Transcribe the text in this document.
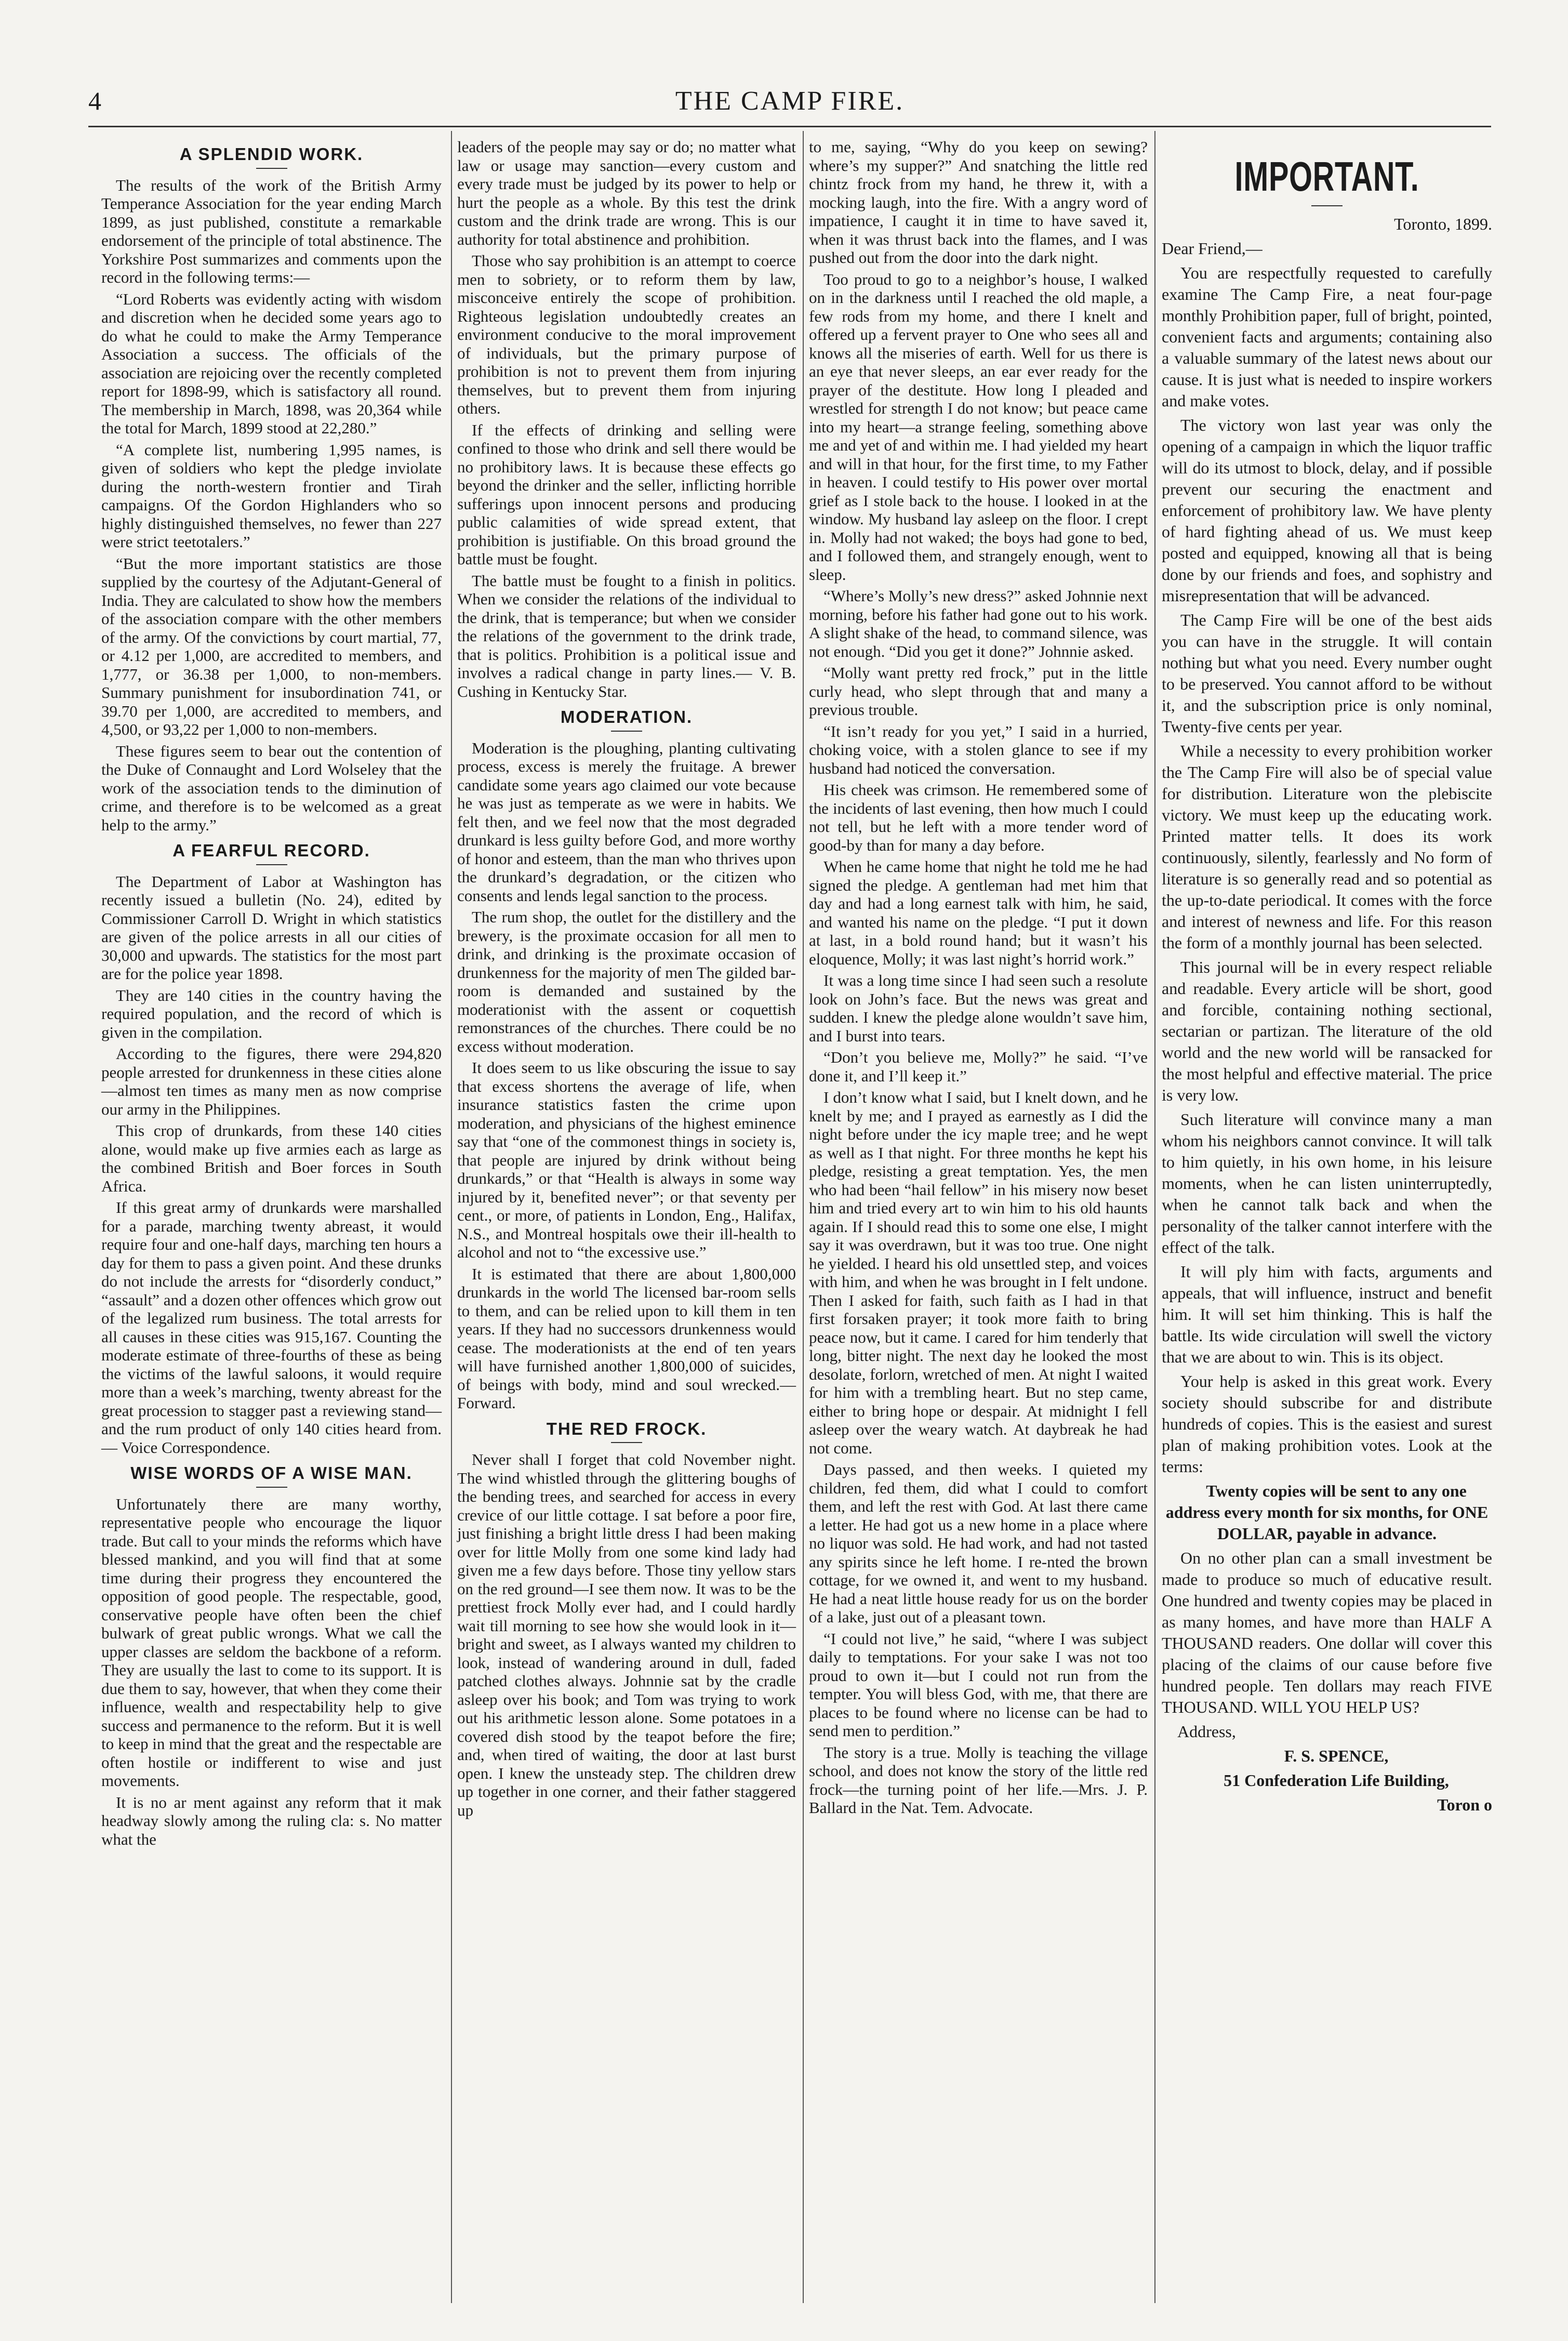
4	THE CAMP FIRE.
A SPLENDID WORK.

The results of the work of the British Army Temperance Association for the year ending March 1899, as just published, constitute a remarkable endorsement of the principle of total abstinence. The Yorkshire Post summarizes and comments upon the record in the following terms:—

“Lord Roberts was evidently acting with wisdom and discretion when he decided some years ago to do what he could to make the Army Temperance Association a success. The officials of the association are rejoicing over the recently completed report for 1898-99, which is satisfactory all round. The membership in March, 1898, was 20,364 while the total for March, 1899 stood at 22,280.”

“A complete list, numbering 1,995 names, is given of soldiers who kept the pledge inviolate during the north-western frontier and Tirah campaigns. Of the Gordon Highlanders who so highly distinguished themselves, no fewer than 227 were strict teetotalers.”

“But the more important statistics are those supplied by the courtesy of the Adjutant-General of India. They are calculated to show how the members of the association compare with the other members of the army. Of the convictions by court martial, 77, or 4.12 per 1,000, are accredited to members, and 1,777, or 36.38 per 1,000, to non-members. Summary punishment for insubordination 741, or 39.70 per 1,000, are accredited to members, and 4,500, or 93,22 per 1,000 to non-members.

These figures seem to bear out the contention of the Duke of Connaught and Lord Wolseley that the work of the association tends to the diminution of crime, and therefore is to be welcomed as a great help to the army.”

A FEARFUL RECORD.

The Department of Labor at Washington has recently issued a bulletin (No. 24), edited by Commissioner Carroll D. Wright in which statistics are given of the police arrests in all our cities of 30,000 and upwards. The statistics for the most part are for the police year 1898.

They are 140 cities in the country having the required population, and the record of which is given in the compilation.

According to the figures, there were 294,820 people arrested for drunkenness in these cities alone—almost ten times as many men as now comprise our army in the Philippines.

This crop of drunkards, from these 140 cities alone, would make up five armies each as large as the combined British and Boer forces in South Africa.

If this great army of drunkards were marshalled for a parade, marching twenty abreast, it would require four and one-half days, marching ten hours a day for them to pass a given point. And these drunks do not include the arrests for “disorderly conduct,” “assault” and a dozen other offences which grow out of the legalized rum business. The total arrests for all causes in these cities was 915,167. Counting the moderate estimate of three-fourths of these as being the victims of the lawful saloons, it would require more than a week’s marching, twenty abreast for the great procession to stagger past a reviewing stand—and the rum product of only 140 cities heard from.— Voice Correspondence.

WISE WORDS OF A WISE MAN.

Unfortunately there are many worthy, representative people who encourage the liquor trade. But call to your minds the reforms which have blessed mankind, and you will find that at some time during their progress they encountered the opposition of good people. The respectable, good, conservative people have often been the chief bulwark of great public wrongs. What we call the upper classes are seldom the backbone of a reform. They are usually the last to come to its support. It is due them to say, however, that when they come their influence, wealth and respectability help to give success and permanence to the reform. But it is well to keep in mind that the great and the respectable are often hostile or indifferent to wise and just movements.

It is no ar ment against any reform that it mak headway slowly among the ruling cla: s. No matter what the

leaders of the people may say or do; no matter what law or usage may sanction—every custom and every trade must be judged by its power to help or hurt the people as a whole. By this test the drink custom and the drink trade are wrong. This is our authority for total abstinence and prohibition.

Those who say prohibition is an attempt to coerce men to sobriety, or to reform them by law, misconceive entirely the scope of prohibition. Righteous legislation undoubtedly creates an environment conducive to the moral improvement of individuals, but the primary purpose of prohibition is not to prevent them from injuring themselves, but to prevent them from injuring others.

If the effects of drinking and selling were confined to those who drink and sell there would be no prohibitory laws. It is because these effects go beyond the drinker and the seller, inflicting horrible sufferings upon innocent persons and producing public calamities of wide spread extent, that prohibition is justifiable. On this broad ground the battle must be fought.

The battle must be fought to a finish in politics. When we consider the relations of the individual to the drink, that is temperance; but when we consider the relations of the government to the drink trade, that is politics. Prohibition is a political issue and involves a radical change in party lines.— V. B. Cushing in Kentucky Star.

MODERATION.

Moderation is the ploughing, planting cultivating process, excess is merely the fruitage. A brewer candidate some years ago claimed our vote because he was just as temperate as we were in habits. We felt then, and we feel now that the most degraded drunkard is less guilty before God, and more worthy of honor and esteem, than the man who thrives upon the drunkard’s degradation, or the citizen who consents and lends legal sanction to the process.

The rum shop, the outlet for the distillery and the brewery, is the proximate occasion for all men to drink, and drinking is the proximate occasion of drunkenness for the majority of men The gilded bar-room is demanded and sustained by the moderationist with the assent or coquettish remonstrances of the churches. There could be no excess without moderation.

It does seem to us like obscuring the issue to say that excess shortens the average of life, when insurance statistics fasten the crime upon moderation, and physicians of the highest eminence say that “one of the commonest things in society is, that people are injured by drink without being drunkards,” or that “Health is always in some way injured by it, benefited never”; or that seventy per cent., or more, of patients in London, Eng., Halifax, N.S., and Montreal hospitals owe their ill-health to alcohol and not to “the excessive use.”

It is estimated that there are about 1,800,000 drunkards in the world The licensed bar-room sells to them, and can be relied upon to kill them in ten years. If they had no successors drunkenness would cease. The moderationists at the end of ten years will have furnished another 1,800,000 of suicides, of beings with body, mind and soul wrecked.—Forward.

THE RED FROCK.

Never shall I forget that cold November night. The wind whistled through the glittering boughs of the bending trees, and searched for access in every crevice of our little cottage. I sat before a poor fire, just finishing a bright little dress I had been making over for little Molly from one some kind lady had given me a few days before. Those tiny yellow stars on the red ground—I see them now. It was to be the prettiest frock Molly ever had, and I could hardly wait till morning to see how she would look in it—bright and sweet, as I always wanted my children to look, instead of wandering around in dull, faded patched clothes always. Johnnie sat by the cradle asleep over his book; and Tom was trying to work out his arithmetic lesson alone. Some potatoes in a covered dish stood by the teapot before the fire; and, when tired of waiting, the door at last burst open. I knew the unsteady step. The children drew up together in one corner, and their father staggered up

to me, saying, “Why do you keep on sewing? where’s my supper?” And snatching the little red chintz frock from my hand, he threw it, with a mocking laugh, into the fire. With a angry word of impatience, I caught it in time to have saved it, when it was thrust back into the flames, and I was pushed out from the door into the dark night.

Too proud to go to a neighbor’s house, I walked on in the darkness until I reached the old maple, a few rods from my home, and there I knelt and offered up a fervent prayer to One who sees all and knows all the miseries of earth. Well for us there is an eye that never sleeps, an ear ever ready for the prayer of the destitute. How long I pleaded and wrestled for strength I do not know; but peace came into my heart—a strange feeling, something above me and yet of and within me. I had yielded my heart and will in that hour, for the first time, to my Father in heaven. I could testify to His power over mortal grief as I stole back to the house. I looked in at the window. My husband lay asleep on the floor. I crept in. Molly had not waked; the boys had gone to bed, and I followed them, and strangely enough, went to sleep.

“Where’s Molly’s new dress?” asked Johnnie next morning, before his father had gone out to his work. A slight shake of the head, to command silence, was not enough. “Did you get it done?” Johnnie asked.

“Molly want pretty red frock,” put in the little curly head, who slept through that and many a previous trouble.

“It isn’t ready for you yet,” I said in a hurried, choking voice, with a stolen glance to see if my husband had noticed the conversation.

His cheek was crimson. He remembered some of the incidents of last evening, then how much I could not tell, but he left with a more tender word of good-by than for many a day before.

When he came home that night he told me he had signed the pledge. A gentleman had met him that day and had a long earnest talk with him, he said, and wanted his name on the pledge. “I put it down at last, in a bold round hand; but it wasn’t his eloquence, Molly; it was last night’s horrid work.”

It was a long time since I had seen such a resolute look on John’s face. But the news was great and sudden. I knew the pledge alone wouldn’t save him, and I burst into tears.

“Don’t you believe me, Molly?” he said. “I’ve done it, and I’ll keep it.”

I don’t know what I said, but I knelt down, and he knelt by me; and I prayed as earnestly as I did the night before under the icy maple tree; and he wept as well as I that night. For three months he kept his pledge, resisting a great temptation. Yes, the men who had been “hail fellow” in his misery now beset him and tried every art to win him to his old haunts again. If I should read this to some one else, I might say it was overdrawn, but it was too true. One night he yielded. I heard his old unsettled step, and voices with him, and when he was brought in I felt undone. Then I asked for faith, such faith as I had in that first forsaken prayer; it took more faith to bring peace now, but it came. I cared for him tenderly that long, bitter night. The next day he looked the most desolate, forlorn, wretched of men. At night I waited for him with a trembling heart. But no step came, either to bring hope or despair. At midnight I fell asleep over the weary watch. At daybreak he had not come.

Days passed, and then weeks. I quieted my children, fed them, did what I could to comfort them, and left the rest with God. At last there came a letter. He had got us a new home in a place where no liquor was sold. He had work, and had not tasted any spirits since he left home. I re-nted the brown cottage, for we owned it, and went to my husband. He had a neat little house ready for us on the border of a lake, just out of a pleasant town.

“I could not live,” he said, “where I was subject daily to temptations. For your sake I was not too proud to own it—but I could not run from the tempter. You will bless God, with me, that there are places to be found where no license can be had to send men to perdition.”

The story is a true. Molly is teaching the village school, and does not know the story of the little red frock—the turning point of her life.—Mrs. J. P. Ballard in the Nat. Tem. Advocate.

IMPORTANT.

Toronto, 1899.

Dear Friend,—

You are respectfully requested to carefully examine The Camp Fire, a neat four-page monthly Prohibition paper, full of bright, pointed, convenient facts and arguments; containing also a valuable summary of the latest news about our cause. It is just what is needed to inspire workers and make votes.

The victory won last year was only the opening of a campaign in which the liquor traffic will do its utmost to block, delay, and if possible prevent our securing the enactment and enforcement of prohibitory law. We have plenty of hard fighting ahead of us. We must keep posted and equipped, knowing all that is being done by our friends and foes, and sophistry and misrepresentation that will be advanced.

The Camp Fire will be one of the best aids you can have in the struggle. It will contain nothing but what you need. Every number ought to be preserved. You cannot afford to be without it, and the subscription price is only nominal, Twenty-five cents per year.

While a necessity to every prohibition worker the The Camp Fire will also be of special value for distribution. Literature won the plebiscite victory. We must keep up the educating work. Printed matter tells. It does its work continuously, silently, fearlessly and No form of literature is so generally read and so potential as the up-to-date periodical. It comes with the force and interest of newness and life. For this reason the form of a monthly journal has been selected.

This journal will be in every respect reliable and readable. Every article will be short, good and forcible, containing nothing sectional, sectarian or partizan. The literature of the old world and the new world will be ransacked for the most helpful and effective material. The price is very low.

Such literature will convince many a man whom his neighbors cannot convince. It will talk to him quietly, in his own home, in his leisure moments, when he can listen uninterruptedly, when he cannot talk back and when the personality of the talker cannot interfere with the effect of the talk.

It will ply him with facts, arguments and appeals, that will influence, instruct and benefit him. It will set him thinking. This is half the battle. Its wide circulation will swell the victory that we are about to win. This is its object.

Your help is asked in this great work. Every society should subscribe for and distribute hundreds of copies. This is the easiest and surest plan of making prohibition votes. Look at the terms:

Twenty copies will be sent to any one address every month for six months, for ONE DOLLAR, payable in advance.

On no other plan can a small investment be made to produce so much of educative result. One hundred and twenty copies may be placed in as many homes, and have more than HALF A THOUSAND readers. One dollar will cover this placing of the claims of our cause before five hundred people. Ten dollars may reach FIVE THOUSAND. WILL YOU HELP US?

Address,

F. S. SPENCE,

51 Confederation Life Building,

Toron o
